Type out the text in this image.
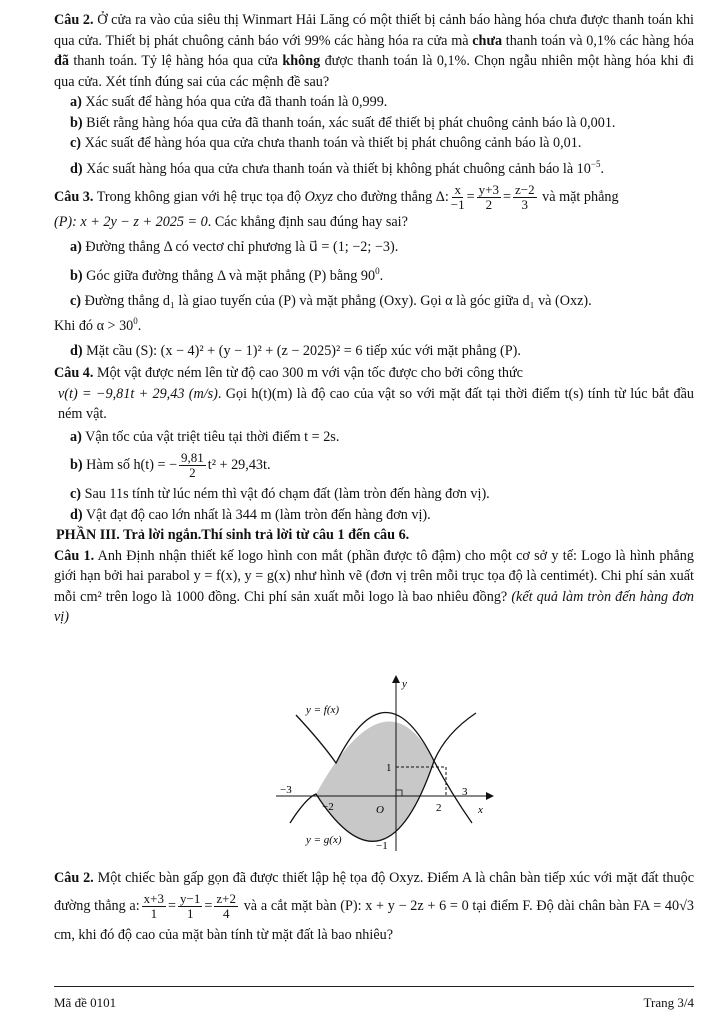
Câu 2. Ở cửa ra vào của siêu thị Winmart Hải Lăng có một thiết bị cảnh báo hàng hóa chưa được thanh toán khi qua cửa. Thiết bị phát chuông cảnh báo với 99% các hàng hóa ra cửa mà chưa thanh toán và 0,1% các hàng hóa đã thanh toán. Tỷ lệ hàng hóa qua cửa không được thanh toán là 0,1%. Chọn ngẫu nhiên một hàng hóa khi đi qua cửa. Xét tính đúng sai của các mệnh đề sau?

a) Xác suất để hàng hóa qua cửa đã thanh toán là 0,999.

b) Biết rằng hàng hóa qua cửa đã thanh toán, xác suất để thiết bị phát chuông cảnh báo là 0,001.

c) Xác suất để hàng hóa qua cửa chưa thanh toán và thiết bị phát chuông cảnh báo là 0,01.

d) Xác suất hàng hóa qua cửa chưa thanh toán và thiết bị không phát chuông cảnh báo là $10^{-5}$.

Câu 3. Trong không gian với hệ trục tọa độ Oxyz cho đường thẳng Δ: $\frac{x}{-1} = \frac{y+3}{2} = \frac{z-2}{3}$ và mặt phẳng

(P): x + 2y − z + 2025 = 0. Các khẳng định sau đúng hay sai?

a) Đường thẳng Δ có vectơ chỉ phương là u⃗ = (1; −2; −3).

b) Góc giữa đường thẳng Δ và mặt phẳng (P) bằng $90^0$.

c) Đường thẳng d₁ là giao tuyến của (P) và mặt phẳng (Oxy). Gọi α là góc giữa d₁ và (Oxz).

Khi đó $\alpha > 30^0$.

d) Mặt cầu (S): (x − 4)² + (y − 1)² + (z − 2025)² = 6 tiếp xúc với mặt phẳng (P).

Câu 4. Một vật được ném lên từ độ cao 300 m với vận tốc được cho bởi công thức

v(t) = −9,81t + 29,43 (m/s). Gọi h(t)(m) là độ cao của vật so với mặt đất tại thời điểm t(s) tính từ lúc bắt đầu ném vật.

a) Vận tốc của vật triệt tiêu tại thời điểm t = 2s.

b) Hàm số h(t) = − $\frac{9,81}{2} t^2 + 29,43t$.

c) Sau 11s tính từ lúc ném thì vật đó chạm đất (làm tròn đến hàng đơn vị).

d) Vật đạt độ cao lớn nhất là 344 m (làm tròn đến hàng đơn vị).

PHẦN III. Trả lời ngắn.Thí sinh trả lời từ câu 1 đến câu 6.

Câu 1. Anh Định nhận thiết kế logo hình con mắt (phần được tô đậm) cho một cơ sở y tế: Logo là hình phẳng giới hạn bởi hai parabol y = f(x), y = g(x) như hình vẽ (đơn vị trên mỗi trục tọa độ là centimét). Chi phí sản xuất mỗi cm² trên logo là 1000 đồng. Chi phí sản xuất mỗi logo là bao nhiêu đồng? (kết quả làm tròn đến hàng đơn vị)

y = f(x)
y = g(x)
y
x
−3
−2	O	2
3
1
−1

Câu 2. Một chiếc bàn gấp gọn đã được thiết lập hệ tọa độ Oxyz. Điểm A là chân bàn tiếp xúc với mặt đất thuộc đường thẳng a: $\frac{x+3}{1} = \frac{y-1}{1} = \frac{z+2}{4}$ và a cắt mặt bàn (P): x + y − 2z + 6 = 0 tại điểm F. Độ dài chân bàn FA = 40√3 cm, khi đó độ cao của mặt bàn tính từ mặt đất là bao nhiêu?

Mã đề 0101	Trang 3/4
